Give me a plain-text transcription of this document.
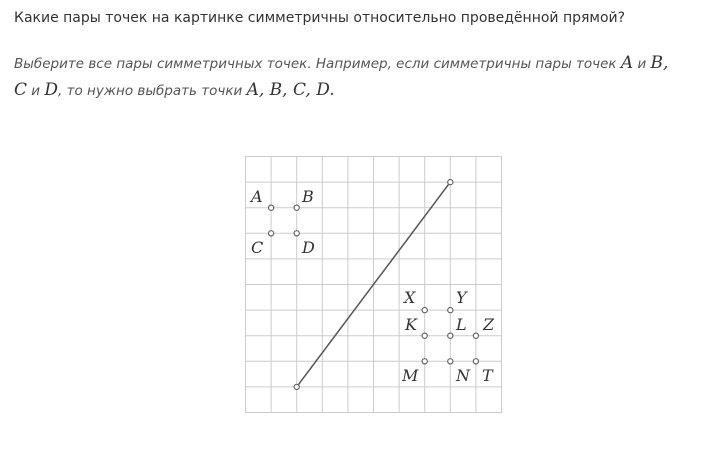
Какие пары точек на картинке симметричны относительно проведённой прямой?
Выберите все пары симметричных точек. Например, если симметричны пары точек A и B,
C и D, то нужно выбрать точки A, B, C, D.
A B
C D
X	Y
K L Z
M N T
